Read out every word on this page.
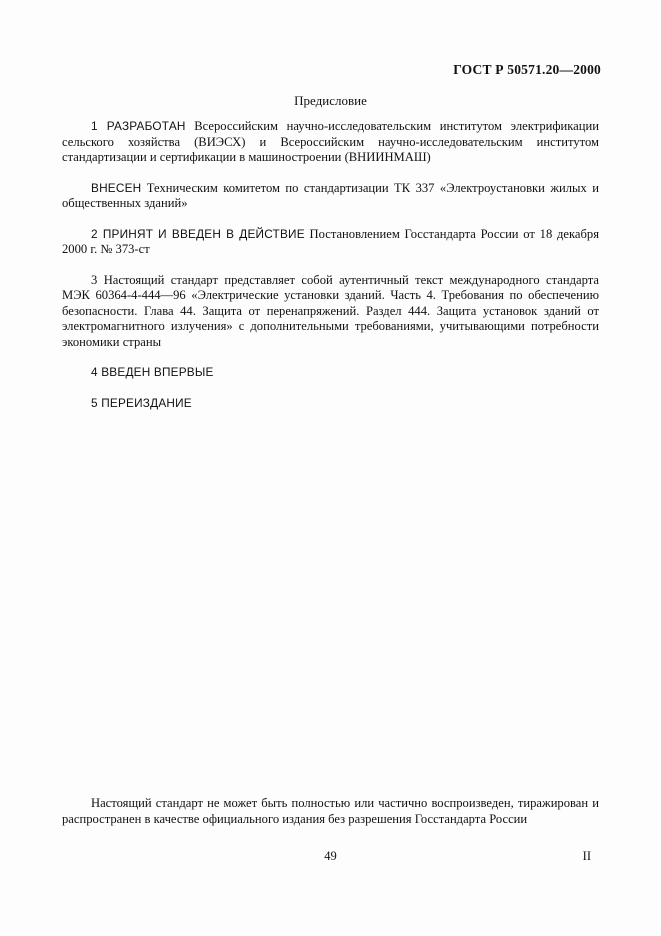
ГОСТ Р 50571.20—2000
Предисловие

1 РАЗРАБОТАН Всероссийским научно-исследовательским институтом электрификации сельского хозяйства (ВИЭСХ) и Всероссийским научно-исследовательским институтом стандартизации и сертификации в машиностроении (ВНИИНМАШ)

ВНЕСЕН Техническим комитетом по стандартизации ТК 337 «Электроустановки жилых и общественных зданий»

2 ПРИНЯТ И ВВЕДЕН В ДЕЙСТВИЕ Постановлением Госстандарта России от 18 декабря 2000 г. № 373-ст

3 Настоящий стандарт представляет собой аутентичный текст международного стандарта МЭК 60364-4-444—96 «Электрические установки зданий. Часть 4. Требования по обеспечению безопасности. Глава 44. Защита от перенапряжений. Раздел 444. Защита установок зданий от электромагнитного излучения» с дополнительными требованиями, учитывающими потребности экономики страны

4 ВВЕДЕН ВПЕРВЫЕ

5 ПЕРЕИЗДАНИЕ

Настоящий стандарт не может быть полностью или частично воспроизведен, тиражирован и распространен в качестве официального издания без разрешения Госстандарта России
49	II
